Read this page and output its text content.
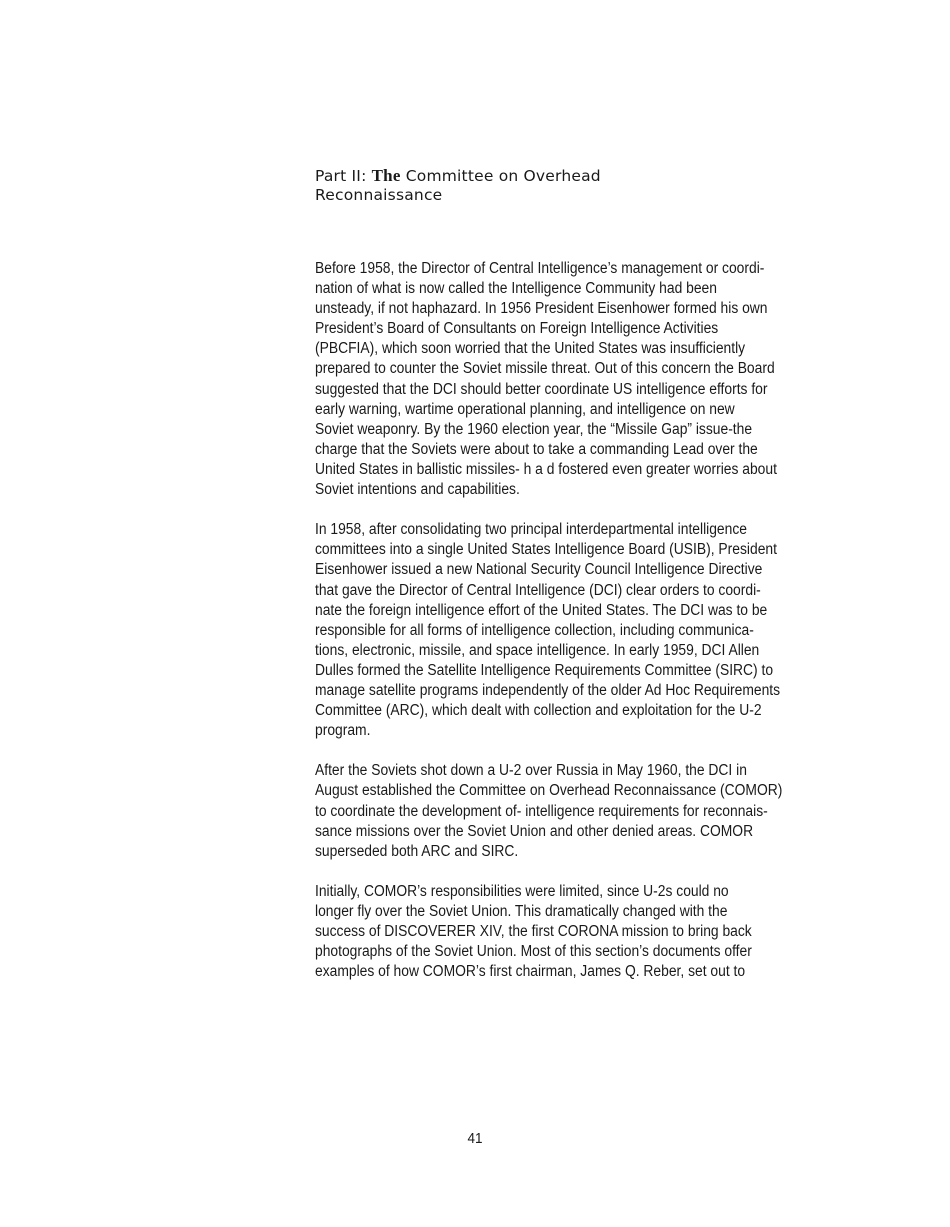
Part II: The Committee on Overhead
Reconnaissance
Before 1958, the Director of Central Intelligence’s management or coordi-
nation of what is now called the Intelligence Community had been
unsteady, if not haphazard. In 1956 President Eisenhower formed his own
President’s Board of Consultants on Foreign Intelligence Activities
(PBCFIA), which soon worried that the United States was insufficiently
prepared to counter the Soviet missile threat. Out of this concern the Board
suggested that the DCI should better coordinate US intelligence efforts for
early warning, wartime operational planning, and intelligence on new
Soviet weaponry. By the 1960 election year, the “Missile Gap” issue-the
charge that the Soviets were about to take a commanding Lead over the
United States in ballistic missiles- h a d fostered even greater worries about
Soviet intentions and capabilities.
In 1958, after consolidating two principal interdepartmental intelligence
committees into a single United States Intelligence Board (USIB), President
Eisenhower issued a new National Security Council Intelligence Directive
that gave the Director of Central Intelligence (DCI) clear orders to coordi-
nate the foreign intelligence effort of the United States. The DCI was to be
responsible for all forms of intelligence collection, including communica-
tions, electronic, missile, and space intelligence. In early 1959, DCI Allen
Dulles formed the Satellite Intelligence Requirements Committee (SIRC) to
manage satellite programs independently of the older Ad Hoc Requirements
Committee (ARC), which dealt with collection and exploitation for the U-2
program.
After the Soviets shot down a U-2 over Russia in May 1960, the DCI in
August established the Committee on Overhead Reconnaissance (COMOR)
to coordinate the development of- intelligence requirements for reconnais-
sance missions over the Soviet Union and other denied areas. COMOR
superseded both ARC and SIRC.
Initially, COMOR’s responsibilities were limited, since U-2s could no
longer fly over the Soviet Union. This dramatically changed with the
success of DISCOVERER XIV, the first CORONA mission to bring back
photographs of the Soviet Union. Most of this section’s documents offer
examples of how COMOR’s first chairman, James Q. Reber, set out to
41
